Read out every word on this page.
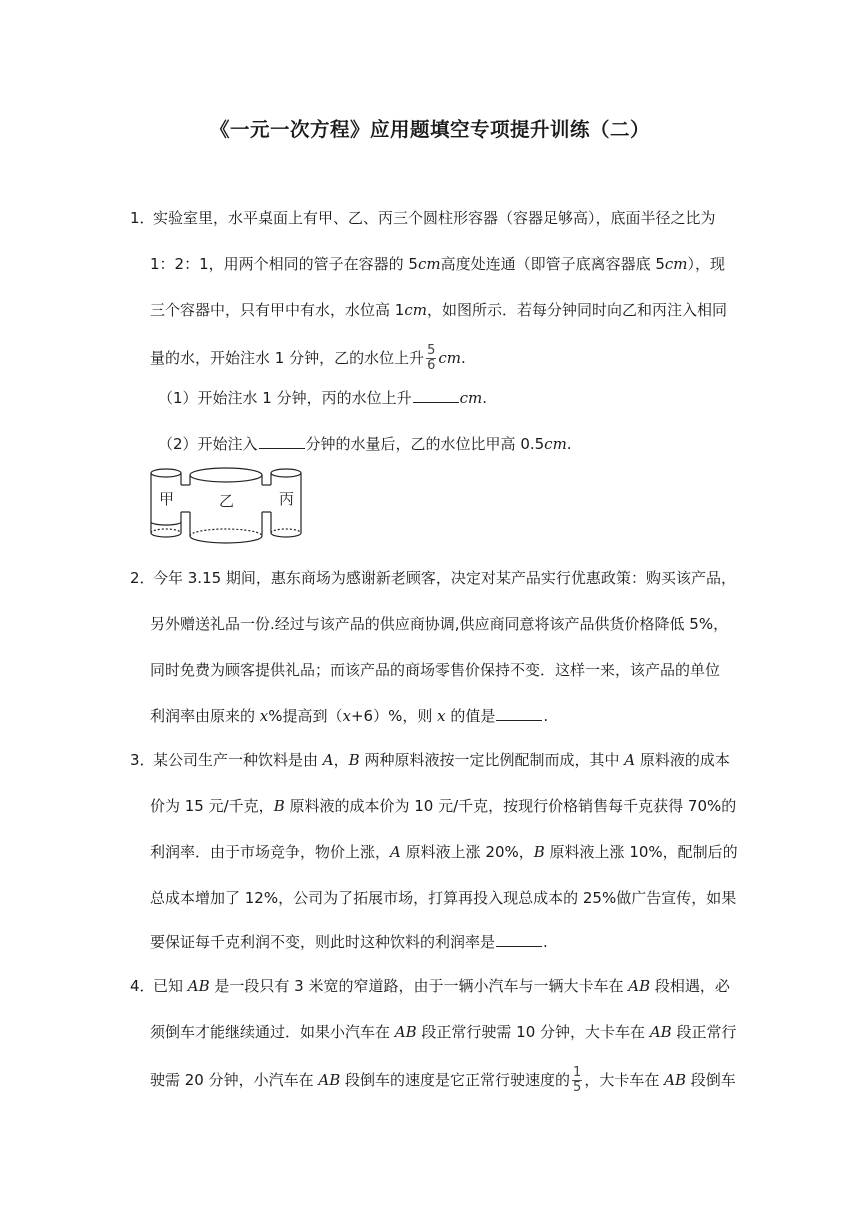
《一元一次方程》应用题填空专项提升训练（二）
1．
实验室里，水平桌面上有甲、乙、丙三个圆柱形容器（容器足够高），底面半径之比为
1：2：1，用两个相同的管子在容器的 5cm高度处连通（即管子底离容器底 5cm），现
三个容器中，只有甲中有水，水位高 1cm，如图所示．若每分钟同时向乙和丙注入相同
量的水，开始注水 1 分钟，乙的水位上升 $\frac{5}{6}$ cm.
（1）开始注水 1 分钟，丙的水位上升	cm.
（2）开始注入	分钟的水量后，乙的水位比甲高 0.5cm.
甲	乙	丙
2．
今年 3.15 期间，惠东商场为感谢新老顾客，决定对某产品实行优惠政策：购买该产品，
另外赠送礼品一份.经过与该产品的供应商协调,供应商同意将该产品供货价格降低 5%，
同时免费为顾客提供礼品；而该产品的商场零售价保持不变．这样一来，该产品的单位
利润率由原来的 x%提高到（x+6）%，则 x 的值是	.
3．
某公司生产一种饮料是由 A，B 两种原料液按一定比例配制而成，其中 A 原料液的成本
价为 15 元/千克，B 原料液的成本价为 10 元/千克，按现行价格销售每千克获得 70%的
利润率．由于市场竞争，物价上涨，A 原料液上涨 20%，B 原料液上涨 10%，配制后的
总成本增加了 12%，公司为了拓展市场，打算再投入现总成本的 25%做广告宣传，如果
要保证每千克利润不变，则此时这种饮料的利润率是	.
4．
已知 AB 是一段只有 3 米宽的窄道路，由于一辆小汽车与一辆大卡车在 AB 段相遇，必
须倒车才能继续通过．如果小汽车在 AB 段正常行驶需 10 分钟，大卡车在 AB 段正常行
驶需 20 分钟，小汽车在 AB 段倒车的速度是它正常行驶速度的 $\frac{1}{5}$ ，大卡车在 AB 段倒车
